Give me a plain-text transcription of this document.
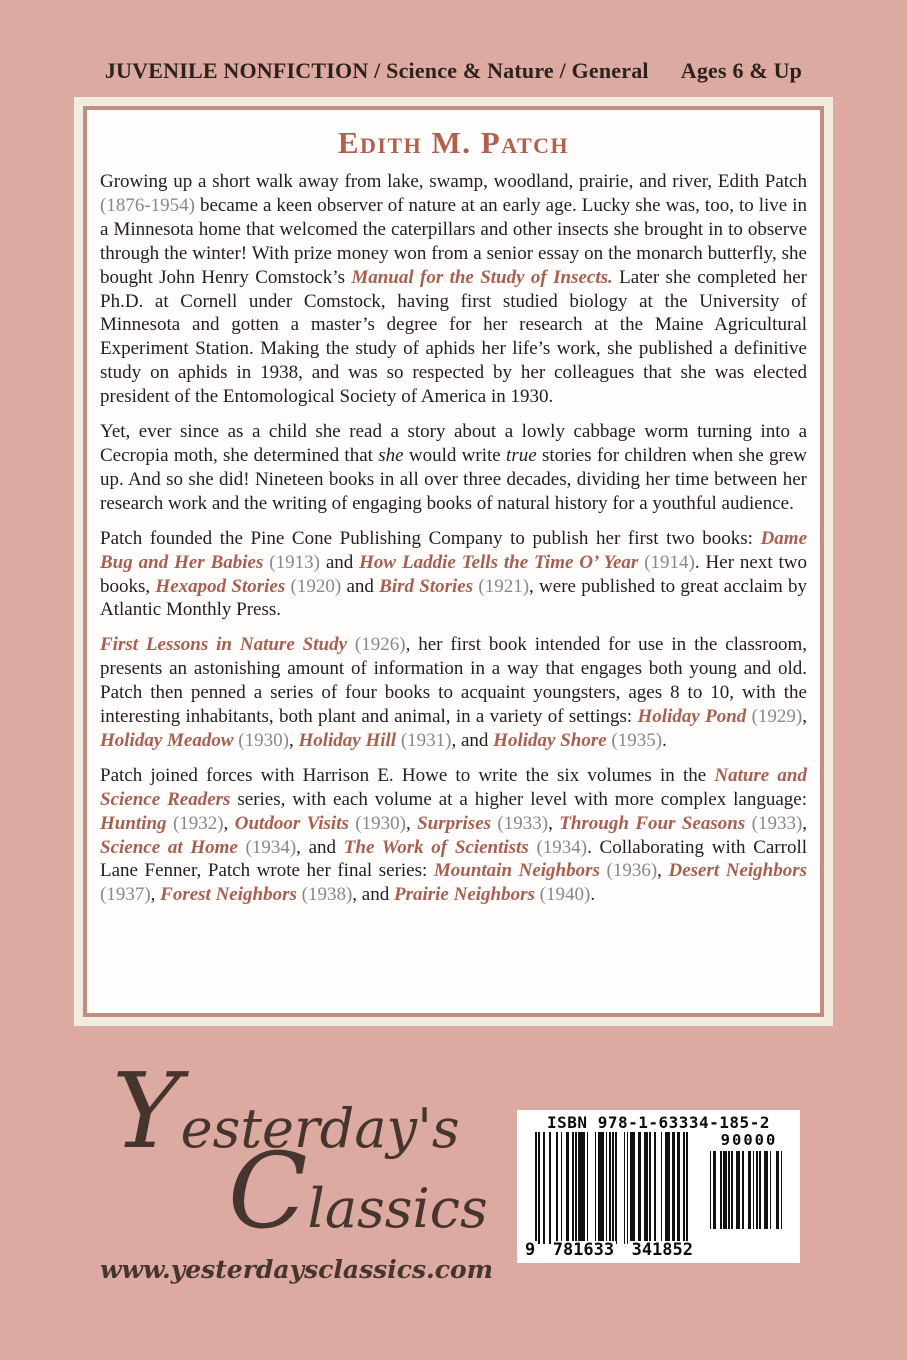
JUVENILE NONFICTION / Science & Nature / General Ages 6 & Up
Edith M. Patch

Growing up a short walk away from lake, swamp, woodland, prairie, and river, Edith Patch (1876-1954) became a keen observer of nature at an early age. Lucky she was, too, to live in a Minnesota home that welcomed the caterpillars and other insects she brought in to observe through the winter! With prize money won from a senior essay on the monarch butterfly, she bought John Henry Comstock’s Manual for the Study of Insects. Later she completed her Ph.D. at Cornell under Comstock, having first studied biology at the University of Minnesota and gotten a master’s degree for her research at the Maine Agricultural Experiment Station. Making the study of aphids her life’s work, she published a definitive study on aphids in 1938, and was so respected by her colleagues that she was elected president of the Entomological Society of America in 1930.

Yet, ever since as a child she read a story about a lowly cabbage worm turning into a Cecropia moth, she determined that she would write true stories for children when she grew up. And so she did! Nineteen books in all over three decades, dividing her time between her research work and the writing of engaging books of natural history for a youthful audience.

Patch founded the Pine Cone Publishing Company to publish her first two books: Dame Bug and Her Babies (1913) and How Laddie Tells the Time O’ Year (1914). Her next two books, Hexapod Stories (1920) and Bird Stories (1921), were published to great acclaim by Atlantic Monthly Press.

First Lessons in Nature Study (1926), her first book intended for use in the classroom, presents an astonishing amount of information in a way that engages both young and old. Patch then penned a series of four books to acquaint youngsters, ages 8 to 10, with the interesting inhabitants, both plant and animal, in a variety of settings: Holiday Pond (1929), Holiday Meadow (1930), Holiday Hill (1931), and Holiday Shore (1935).

Patch joined forces with Harrison E. Howe to write the six volumes in the Nature and Science Readers series, with each volume at a higher level with more complex language: Hunting (1932), Outdoor Visits (1930), Surprises (1933), Through Four Seasons (1933), Science at Home (1934), and The Work of Scientists (1934). Collaborating with Carroll Lane Fenner, Patch wrote her final series: Mountain Neighbors (1936), Desert Neighbors (1937), Forest Neighbors (1938), and Prairie Neighbors (1940).

Yesterday's
Classics
www.yesterdaysclassics.com
ISBN 978-1-63334-185-2
9 781633 341852
90000
